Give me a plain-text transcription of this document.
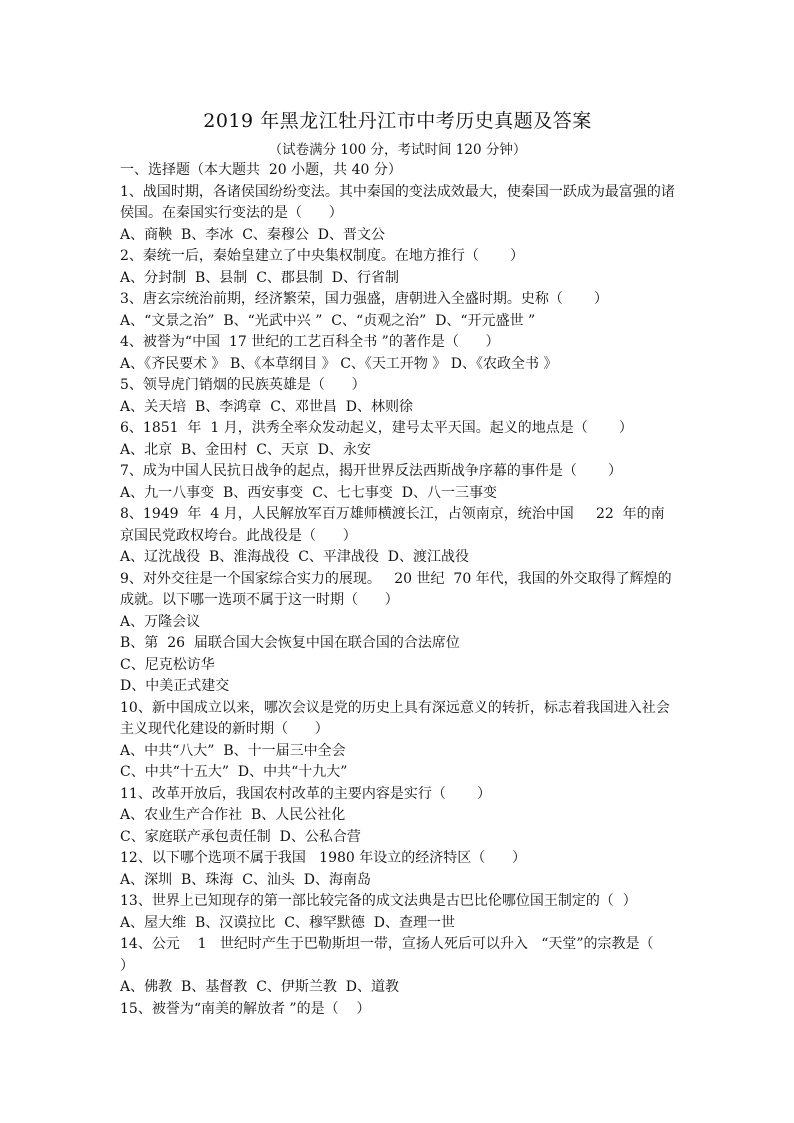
2019 年黑龙江牡丹江市中考历史真题及答案
（试卷满分 100 分，考试时间 120 分钟）
一、选择题（本大题共  20 小题，共 40 分）
1、战国时期，各诸侯国纷纷变法。其中秦国的变法成效最大，使秦国一跃成为最富强的诸侯国。在秦国实行变法的是（      ）
A、商鞅  B、李冰  C、秦穆公  D、晋文公
2、秦统一后，秦始皇建立了中央集权制度。在地方推行（       ）
A、分封制  B、县制  C、郡县制  D、行省制
3、唐玄宗统治前期，经济繁荣，国力强盛，唐朝进入全盛时期。史称（       ）
A、“文景之治”  B、“光武中兴 ”  C、“贞观之治”  D、“开元盛世 ”
4、被誉为“中国  17 世纪的工艺百科全书 ”的著作是（      ）
A、《齐民要术 》 B、《本草纲目 》 C、《天工开物 》 D、《农政全书 》
5、领导虎门销烟的民族英雄是（      ）
A、关天培  B、李鸿章  C、邓世昌  D、林则徐
6、1851  年  1 月，洪秀全率众发动起义，建号太平天国。起义的地点是（       ）
A、北京  B、金田村  C、天京  D、永安
7、成为中国人民抗日战争的起点，揭开世界反法西斯战争序幕的事件是（       ）
A、九一八事变  B、西安事变  C、七七事变  D、八一三事变
8、1949  年  4 月，人民解放军百万雄师横渡长江，占领南京，统治中国     22  年的南京国民党政权垮台。此战役是（      ）
A、辽沈战役  B、淮海战役  C、平津战役  D、渡江战役
9、对外交往是一个国家综合实力的展现。   20 世纪  70 年代，我国的外交取得了辉煌的成就。以下哪一选项不属于这一时期（      ）
A、万隆会议
B、第  26  届联合国大会恢复中国在联合国的合法席位
C、尼克松访华
D、中美正式建交
10、新中国成立以来，哪次会议是党的历史上具有深远意义的转折，标志着我国进入社会主义现代化建设的新时期（      ）
A、中共“八大”  B、十一届三中全会
C、中共“十五大”  D、中共“十九大”
11、改革开放后，我国农村改革的主要内容是实行（       ）
A、农业生产合作社  B、人民公社化
C、家庭联产承包责任制  D、公私合营
12、以下哪个选项不属于我国   1980 年设立的经济特区（      ）
A、深圳  B、珠海  C、汕头  D、海南岛
13、世界上已知现存的第一部比较完备的成文法典是古巴比伦哪位国王制定的（  ）
A、屋大维  B、汉谟拉比  C、穆罕默德  D、查理一世
14、公元    1   世纪时产生于巴勒斯坦一带，宣扬人死后可以升入   “天堂”的宗教是（      ）
A、佛教  B、基督教  C、伊斯兰教  D、道教
15、被誉为“南美的解放者 ”的是（    ）
